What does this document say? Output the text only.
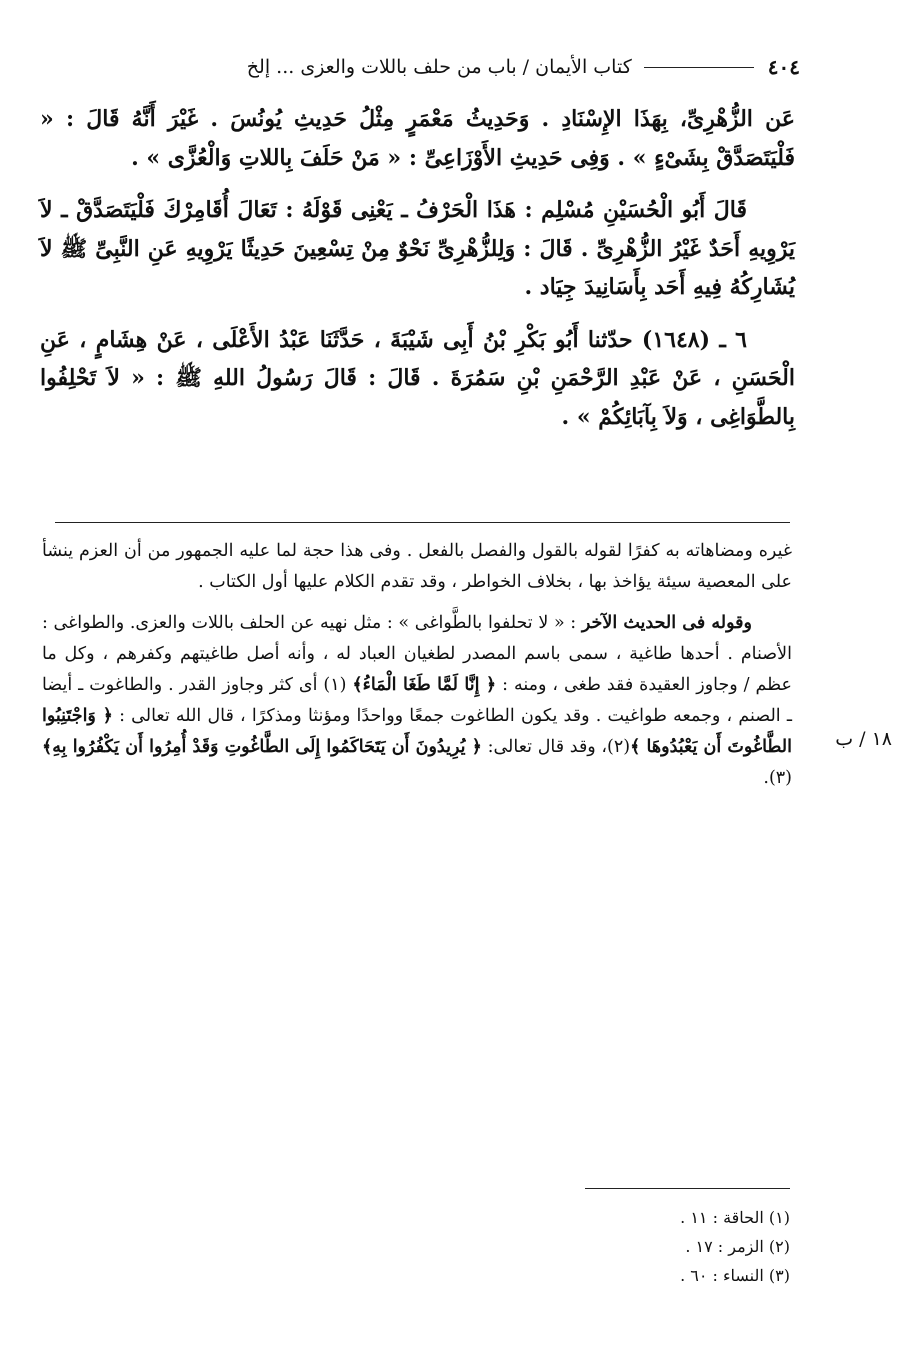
٤٠٤
كتاب الأيمان / باب من حلف باللات والعزى ... إلخ

عَن الزُّهْرِىِّ، بِهَذَا الإِسْنَادِ . وَحَدِيثُ مَعْمَرٍ مِثْلُ حَدِيثِ يُونُسَ . غَيْرَ أَنَّهُ قَالَ : « فَلْيَتَصَدَّقْ بِشَىْءٍ » . وَفِى حَدِيثِ الأَوْزَاعِىِّ : « مَنْ حَلَفَ بِاللاتِ وَالْعُزَّى » .

قَالَ أَبُو الْحُسَيْنِ مُسْلِم : هَذَا الْحَرْفُ ـ يَعْنِى قَوْلَهُ : تَعَالَ أُقَامِرْكَ فَلْيَتَصَدَّقْ ـ لاَ يَرْوِيهِ أَحَدٌ غَيْرُ الزُّهْرِىِّ . قَالَ : وَلِلزُّهْرِىِّ نَحْوٌ مِنْ تِسْعِينَ حَدِيثًا يَرْوِيهِ عَنِ النَّبِىِّ ﷺ لاَ يُشَارِكُهُ فِيهِ أَحَد بِأَسَانِيدَ جِيَاد .

٦ ـ (١٦٤٨) حدّثنا أَبُو بَكْرِ بْنُ أَبِى شَيْبَةَ ، حَدَّثَنَا عَبْدُ الأَعْلَى ، عَنْ هِشَامٍ ، عَنِ الْحَسَنِ ، عَنْ عَبْدِ الرَّحْمَنِ بْنِ سَمُرَةَ . قَالَ : قَالَ رَسُولُ اللهِ ﷺ : « لاَ تَحْلِفُوا بِالطَّوَاغِى ، وَلاَ بِآبَائِكُمْ » .

غيره ومضاهاته به كفرًا لقوله بالقول والفصل بالفعل . وفى هذا حجة لما عليه الجمهور من أن العزم ينشأ على المعصية سيئة يؤاخذ بها ، بخلاف الخواطر ، وقد تقدم الكلام عليها أول الكتاب .

وقوله فى الحديث الآخر : « لا تحلفوا بالطَّواغى » : مثل نهيه عن الحلف باللات والعزى. والطواغى : الأصنام . أحدها طاغية ، سمى باسم المصدر لطغيان العباد له ، وأنه أصل طاغيتهم وكفرهم ، وكل ما عظم / وجاوز العقيدة فقد طغى ، ومنه : ﴿ إِنَّا لَمَّا طَغَا الْمَاءُ﴾ (١) أى كثر وجاوز القدر . والطاغوت ـ أيضا ـ الصنم ، وجمعه طواغيت . وقد يكون الطاغوت جمعًا وواحدًا ومؤنثا ومذكرًا ، قال الله تعالى : ﴿ وَاجْتَنِبُوا الطَّاغُوتَ أَن يَعْبُدُوهَا ﴾(٢)، وقد قال تعالى: ﴿ يُرِيدُونَ أَن يَتَحَاكَمُوا إِلَى الطَّاغُوتِ وَقَدْ أُمِرُوا أَن يَكْفُرُوا بِهِ﴾(٣).

١٨ / ب
(١) الحاقة : ١١ .
(٢) الزمر : ١٧ .
(٣) النساء : ٦٠ .
